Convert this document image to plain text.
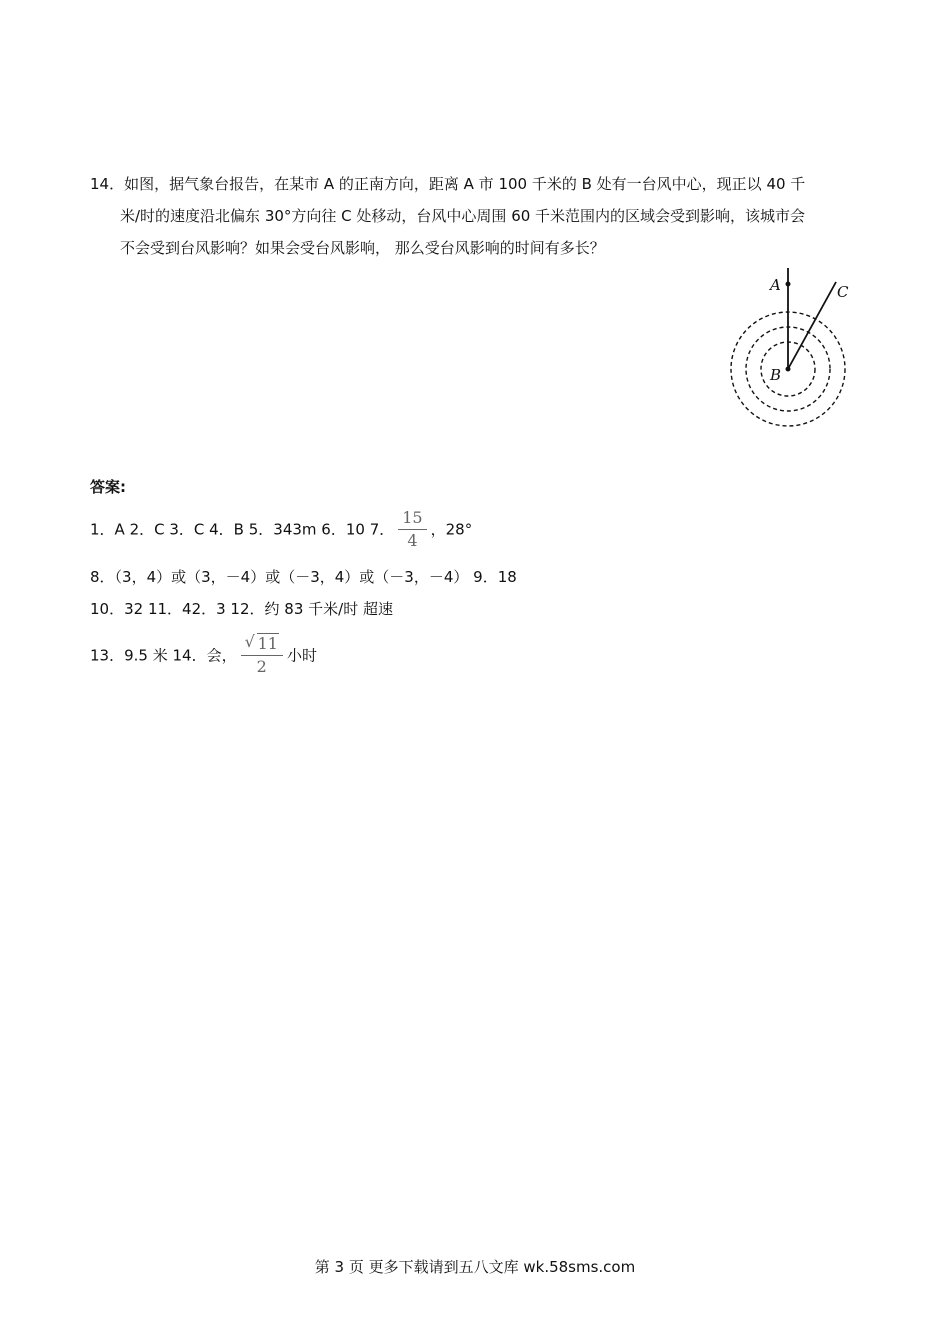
14．如图，据气象台报告，在某市 A 的正南方向，距离 A 市 100 千米的 B 处有一台风中心，现正以 40 千
米/时的速度沿北偏东 30°方向往 C 处移动，台风中心周围 60 千米范围内的区域会受到影响，该城市会
不会受到台风影响？如果会受台风影响， 那么受台风影响的时间有多长？
A
B
C
答案:
1．A 2．C 3．C 4．B 5．343m 6．10 7． $\frac{15}{4}$ ，28°
8．（3，4）或（3，－4）或（－3，4）或（－3，－4） 9．18
10．32 11．42．3 12．约 83 千米/时 超速
13．9.5 米 14．会， $\frac{√ 11}{2}$ 小时
第 3 页 更多下载请到五八文库 wk.58sms.com
